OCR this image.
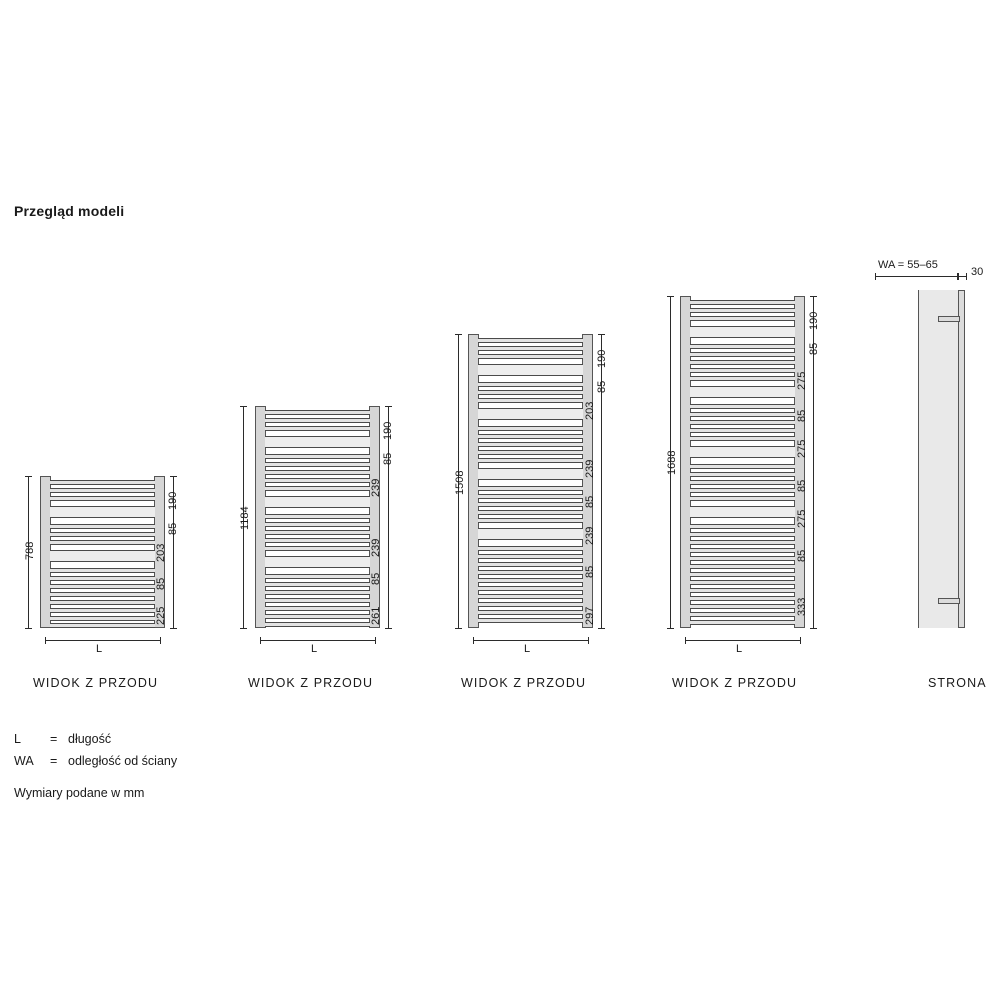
Przegląd modeli
788
190
85
203
85
225
L
WIDOK Z PRZODU
1184
190
85
239
239
85
261
L
WIDOK Z PRZODU
1508
190
85
203
239
85
239
85
297
L
WIDOK Z PRZODU
1688
190
85
275
85
275
85
275
85
333
L
WIDOK Z PRZODU
WA = 55–65
30
STRONA
L	= długość
WA	= odległość od ściany
Wymiary podane w mm
